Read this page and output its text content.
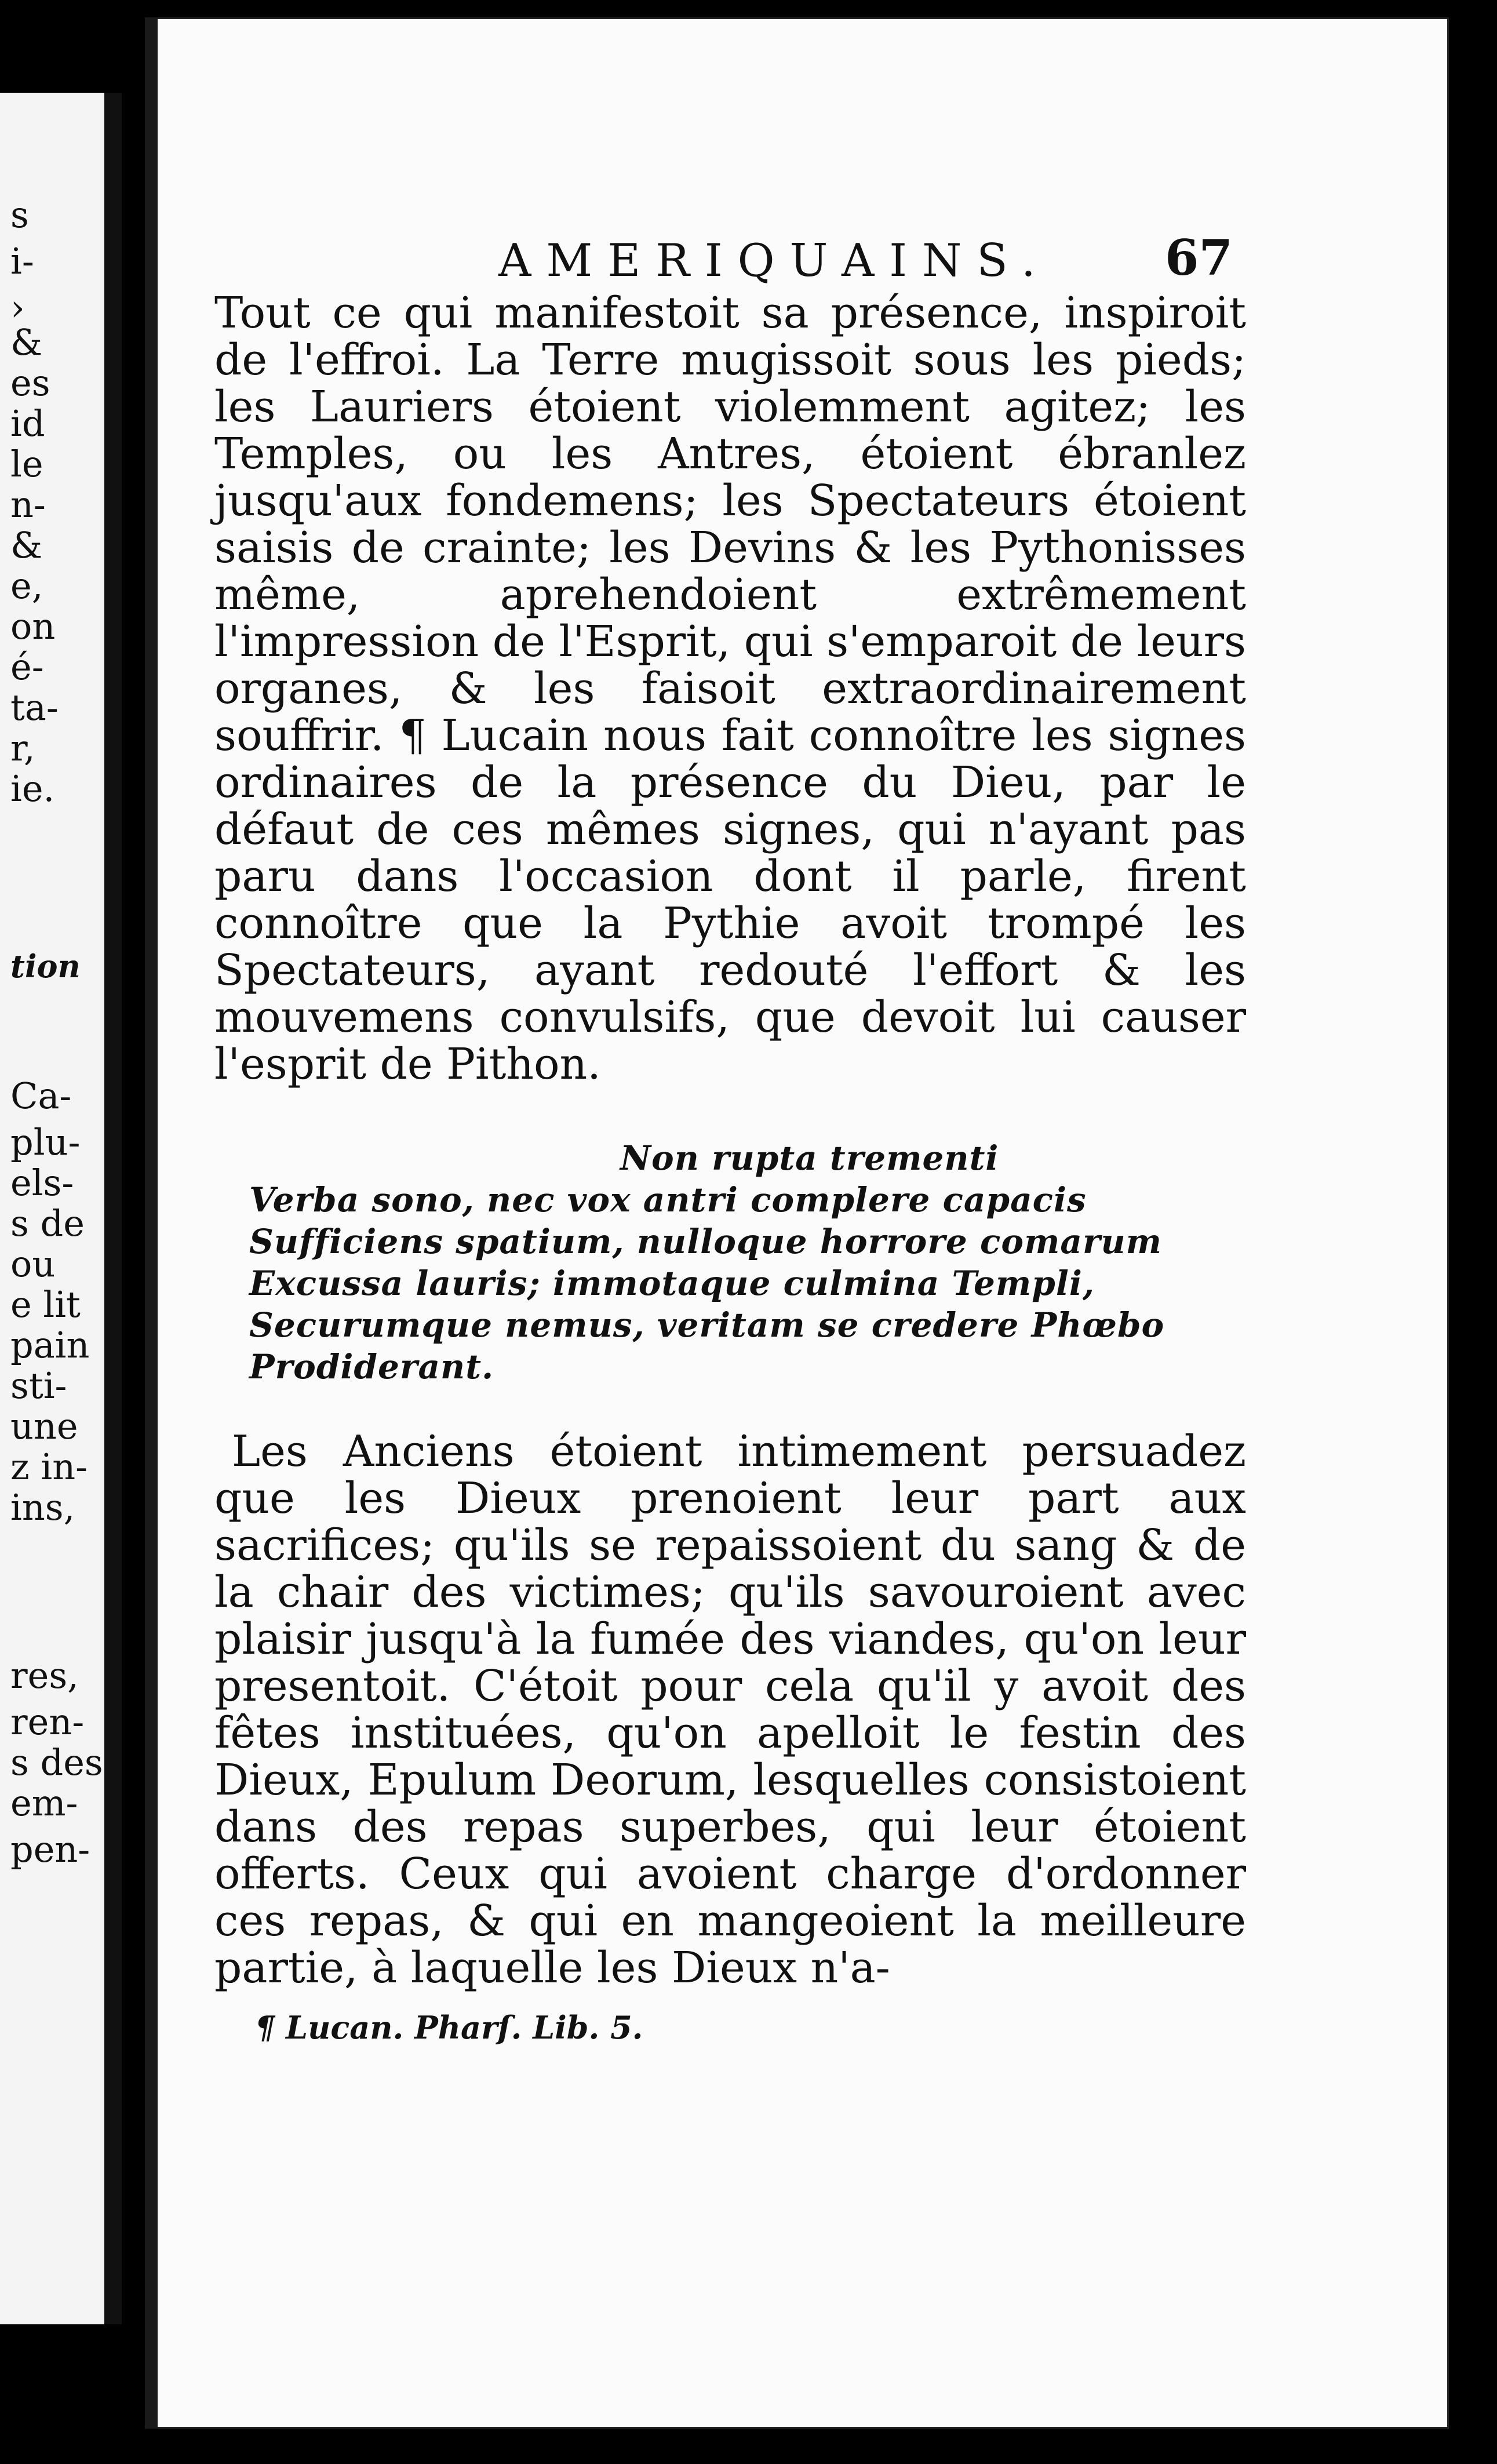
s
i-
›
&
es
id
le
n-
&
e,
on
é-
ta-
r,
ie.
tion
Ca-
plu-
els-
s de
ou
e lit
pain
sti-
une
z in-
ins,
res,
ren-
s des
em-
pen-
AMERIQUAINS. 67

Tout ce qui manifestoit sa présence, inspiroit de l'effroi. La Terre mugissoit sous les pieds; les Lauriers étoient violemment agitez; les Temples, ou les Antres, étoient ébranlez jusqu'aux fondemens; les Spectateurs étoient saisis de crainte; les Devins & les Pythonisses même, aprehendoient extrêmement l'impression de l'Esprit, qui s'emparoit de leurs organes, & les faisoit extraordinairement souffrir. ¶ Lucain nous fait connoître les signes ordinaires de la présence du Dieu, par le défaut de ces mêmes signes, qui n'ayant pas paru dans l'occasion dont il parle, firent connoître que la Pythie avoit trompé les Spectateurs, ayant redouté l'effort & les mouvemens convulsifs, que devoit lui causer l'esprit de Pithon.

Non rupta trementi
Verba sono, nec vox antri complere capacis
Sufficiens spatium, nulloque horrore comarum
Excussa lauris; immotaque culmina Templi,
Securumque nemus, veritam se credere Phœbo
Prodiderant.

Les Anciens étoient intimement persuadez que les Dieux prenoient leur part aux sacrifices; qu'ils se repaissoient du sang & de la chair des victimes; qu'ils savouroient avec plaisir jusqu'à la fumée des viandes, qu'on leur presentoit. C'étoit pour cela qu'il y avoit des fêtes instituées, qu'on apelloit le festin des Dieux, Epulum Deorum, lesquelles consistoient dans des repas superbes, qui leur étoient offerts. Ceux qui avoient charge d'ordonner ces repas, & qui en mangeoient la meilleure partie, à laquelle les Dieux n'a-

¶ Lucan. Pharſ. Lib. 5.
